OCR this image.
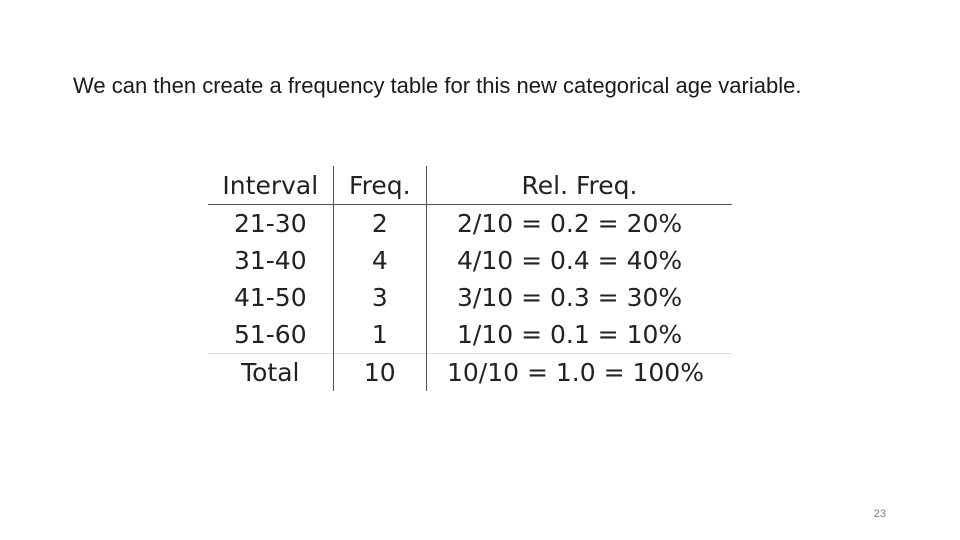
We can then create a frequency table for this new categorical age variable.

Interval	Freq.	Rel. Freq.
21-30	2	2/10 = 0.2 = 20%
31-40	4	4/10 = 0.4 = 40%
41-50	3	3/10 = 0.3 = 30%
51-60	1	1/10 = 0.1 = 10%
Total	10	10/10 = 1.0 = 100%
23
